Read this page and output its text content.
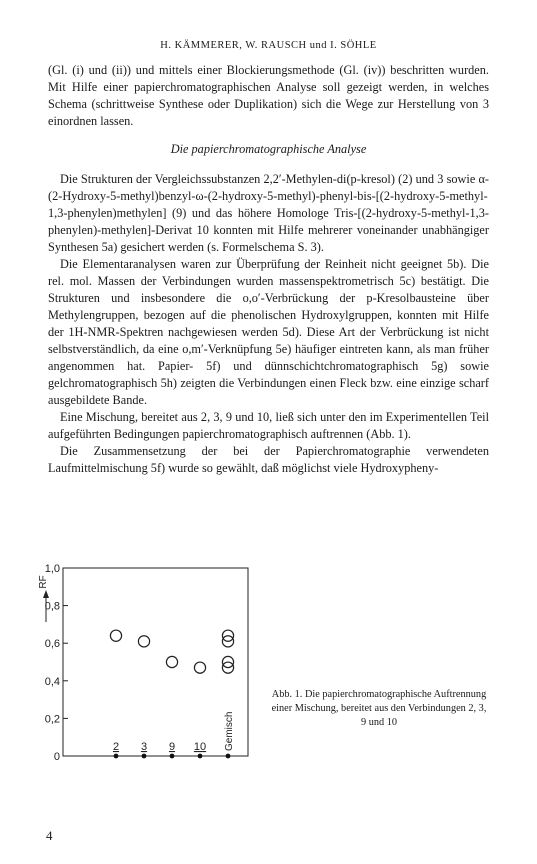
H. KÄMMERER, W. RAUSCH und I. SÖHLE

(Gl. (i) und (ii)) und mittels einer Blockierungsmethode (Gl. (iv)) beschritten wurden. Mit Hilfe einer papierchromatographischen Analyse soll gezeigt werden, in welches Schema (schrittweise Synthese oder Duplikation) sich die Wege zur Herstellung von 3 einordnen lassen.

Die papierchromatographische Analyse

Die Strukturen der Vergleichssubstanzen 2,2′-Methylen-di(p-kresol) (2) und 3 sowie α-(2-Hydroxy-5-methyl)benzyl-ω-(2-hydroxy-5-methyl)-phenyl-bis-[(2-hydroxy-5-methyl-1,3-phenylen)methylen] (9) und das höhere Homologe Tris-[(2-hydroxy-5-methyl-1,3-phenylen)-methylen]-Derivat 10 konnten mit Hilfe mehrerer voneinander unabhängiger Synthesen 5a) gesichert werden (s. Formelschema S. 3).

Die Elementaranalysen waren zur Überprüfung der Reinheit nicht geeignet 5b). Die rel. mol. Massen der Verbindungen wurden massenspektrometrisch 5c) bestätigt. Die Strukturen und insbesondere die o,o′-Verbrückung der p-Kresolbausteine über Methylengruppen, bezogen auf die phenolischen Hydroxylgruppen, konnten mit Hilfe der 1H-NMR-Spektren nachgewiesen werden 5d). Diese Art der Verbrückung ist nicht selbstverständlich, da eine o,m′-Verknüpfung 5e) häufiger eintreten kann, als man früher angenommen hat. Papier- 5f) und dünnschichtchromatographisch 5g) sowie gelchromatographisch 5h) zeigten die Verbindungen einen Fleck bzw. eine einzige scharf ausgebildete Bande.

Eine Mischung, bereitet aus 2, 3, 9 und 10, ließ sich unter den im Experimentellen Teil aufgeführten Bedingungen papierchromatographisch auftrennen (Abb. 1).

Die Zusammensetzung der bei der Papierchromatographie verwendeten Laufmittelmischung 5f) wurde so gewählt, daß möglichst viele Hydroxypheny-

0
0,2
0,4
0,6
0,8
1,0
RF
2 3 9 10 Gemisch
Abb. 1. Die papierchromatographische Auftrennung einer Mischung, bereitet aus den Verbindungen 2, 3, 9 und 10
4
